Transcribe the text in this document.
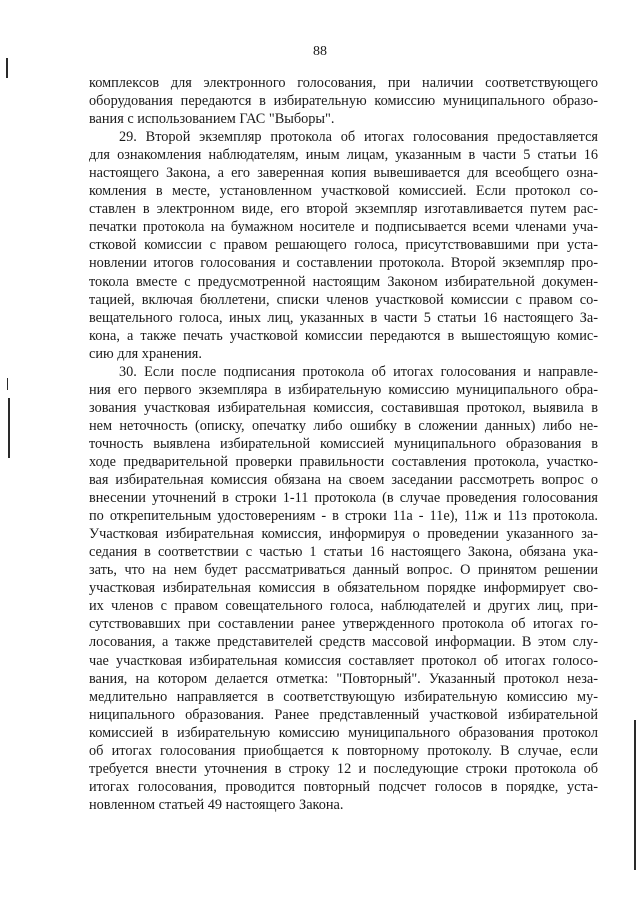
88
комплексов для электронного голосования, при наличии соответствующего
оборудования передаются в избирательную комиссию муниципального образо-
вания с использованием ГАС "Выборы".
29. Второй экземпляр протокола об итогах голосования предоставляется
для ознакомления наблюдателям, иным лицам, указанным в части 5 статьи 16
настоящего Закона, а его заверенная копия вывешивается для всеобщего озна-
комления в месте, установленном участковой комиссией. Если протокол со-
ставлен в электронном виде, его второй экземпляр изготавливается путем рас-
печатки протокола на бумажном носителе и подписывается всеми членами уча-
стковой комиссии с правом решающего голоса, присутствовавшими при уста-
новлении итогов голосования и составлении протокола. Второй экземпляр про-
токола вместе с предусмотренной настоящим Законом избирательной докумен-
тацией, включая бюллетени, списки членов участковой комиссии с правом со-
вещательного голоса, иных лиц, указанных в части 5 статьи 16 настоящего За-
кона, а также печать участковой комиссии передаются в вышестоящую комис-
сию для хранения.
30. Если после подписания протокола об итогах голосования и направле-
ния его первого экземпляра в избирательную комиссию муниципального обра-
зования участковая избирательная комиссия, составившая протокол, выявила в
нем неточность (описку, опечатку либо ошибку в сложении данных) либо не-
точность выявлена избирательной комиссией муниципального образования в
ходе предварительной проверки правильности составления протокола, участко-
вая избирательная комиссия обязана на своем заседании рассмотреть вопрос о
внесении уточнений в строки 1-11 протокола (в случае проведения голосования
по открепительным удостоверениям - в строки 11а - 11е), 11ж и 11з протокола.
Участковая избирательная комиссия, информируя о проведении указанного за-
седания в соответствии с частью 1 статьи 16 настоящего Закона, обязана ука-
зать, что на нем будет рассматриваться данный вопрос. О принятом решении
участковая избирательная комиссия в обязательном порядке информирует сво-
их членов с правом совещательного голоса, наблюдателей и других лиц, при-
сутствовавших при составлении ранее утвержденного протокола об итогах го-
лосования, а также представителей средств массовой информации. В этом слу-
чае участковая избирательная комиссия составляет протокол об итогах голосо-
вания, на котором делается отметка: "Повторный". Указанный протокол неза-
медлительно направляется в соответствующую избирательную комиссию му-
ниципального образования. Ранее представленный участковой избирательной
комиссией в избирательную комиссию муниципального образования протокол
об итогах голосования приобщается к повторному протоколу. В случае, если
требуется внести уточнения в строку 12 и последующие строки протокола об
итогах голосования, проводится повторный подсчет голосов в порядке, уста-
новленном статьей 49 настоящего Закона.
